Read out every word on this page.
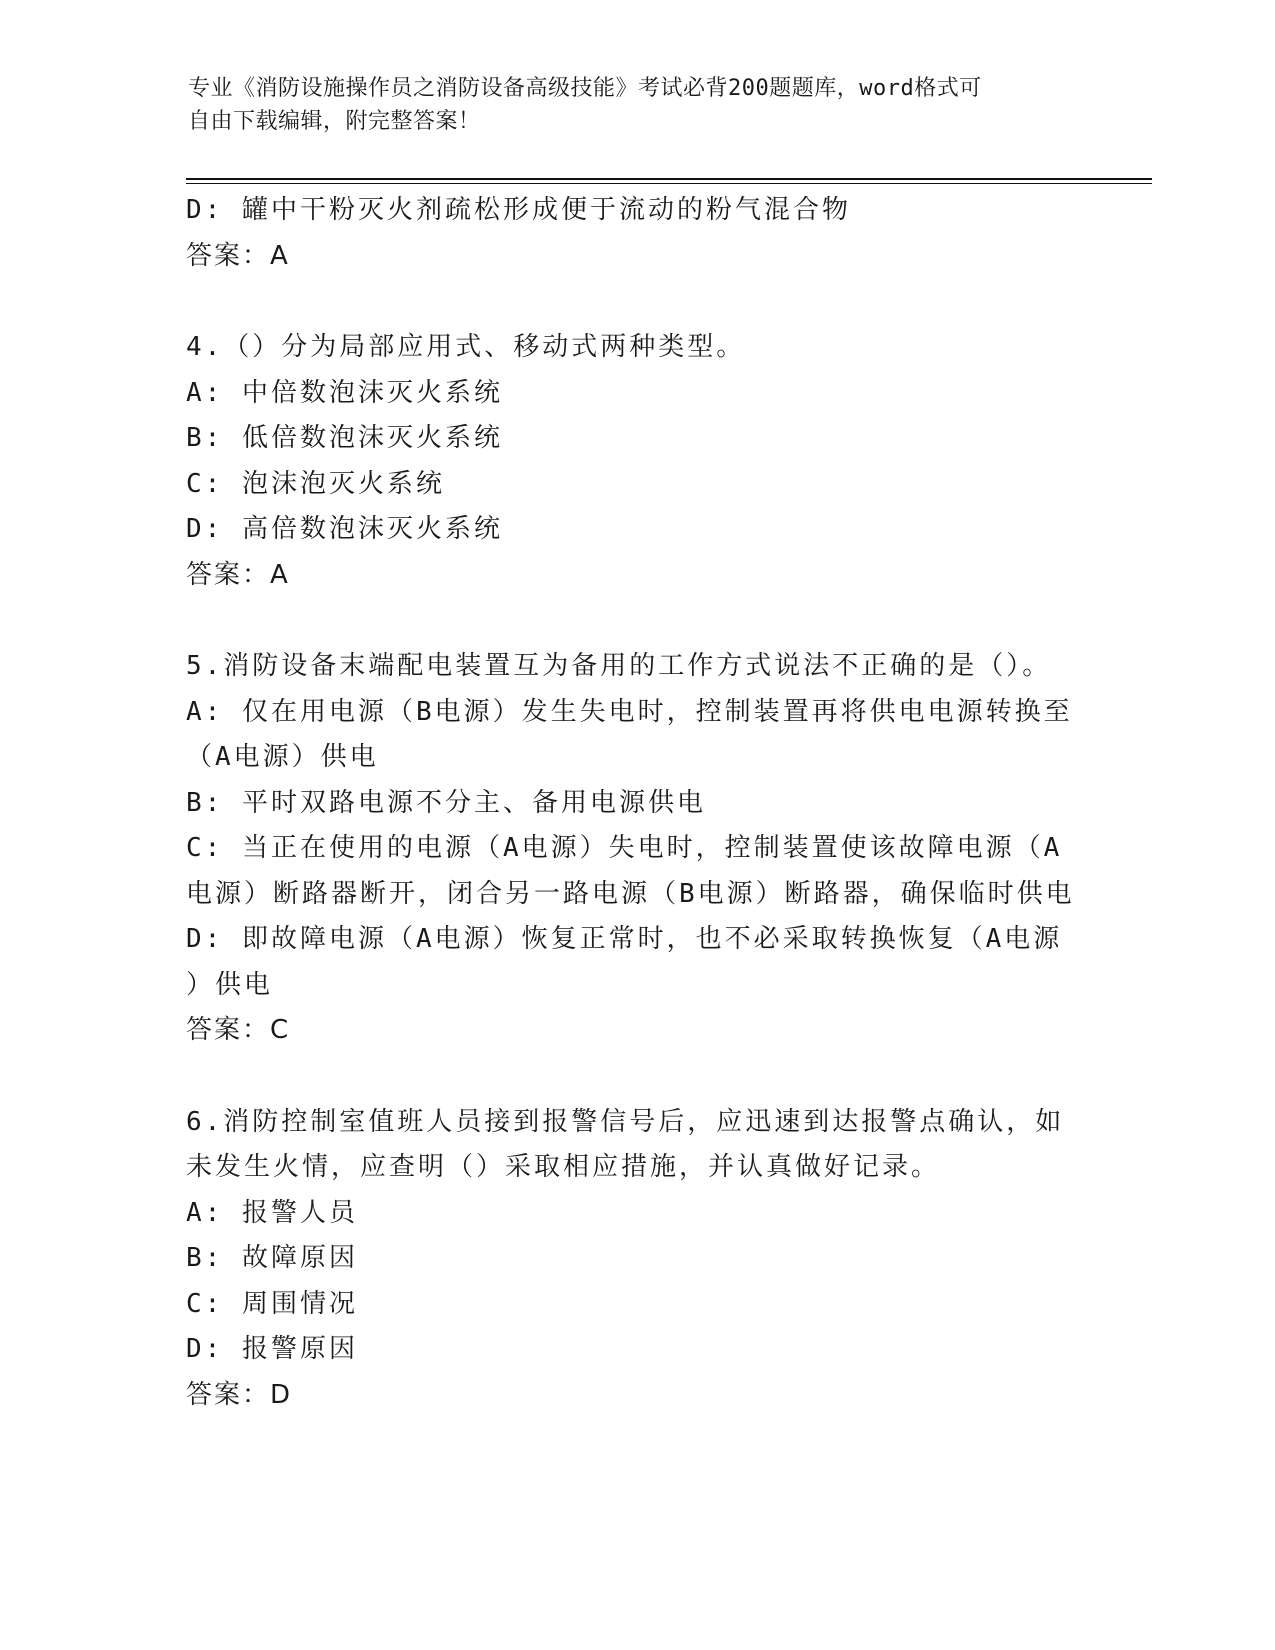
专业《消防设施操作员之消防设备高级技能》考试必背200题题库，word格式可
自由下载编辑，附完整答案！
D: 罐中干粉灭火剂疏松形成便于流动的粉气混合物
答案：A
4.（）分为局部应用式、移动式两种类型。
A: 中倍数泡沫灭火系统
B: 低倍数泡沫灭火系统
C: 泡沫泡灭火系统
D: 高倍数泡沫灭火系统
答案：A
5.消防设备末端配电装置互为备用的工作方式说法不正确的是（）。
A: 仅在用电源（B电源）发生失电时，控制装置再将供电电源转换至
（A电源）供电
B: 平时双路电源不分主、备用电源供电
C: 当正在使用的电源（A电源）失电时，控制装置使该故障电源（A
电源）断路器断开，闭合另一路电源（B电源）断路器，确保临时供电
D: 即故障电源（A电源）恢复正常时，也不必采取转换恢复（A电源
）供电
答案：C
6.消防控制室值班人员接到报警信号后，应迅速到达报警点确认，如
未发生火情，应查明（）采取相应措施，并认真做好记录。
A: 报警人员
B: 故障原因
C: 周围情况
D: 报警原因
答案：D
